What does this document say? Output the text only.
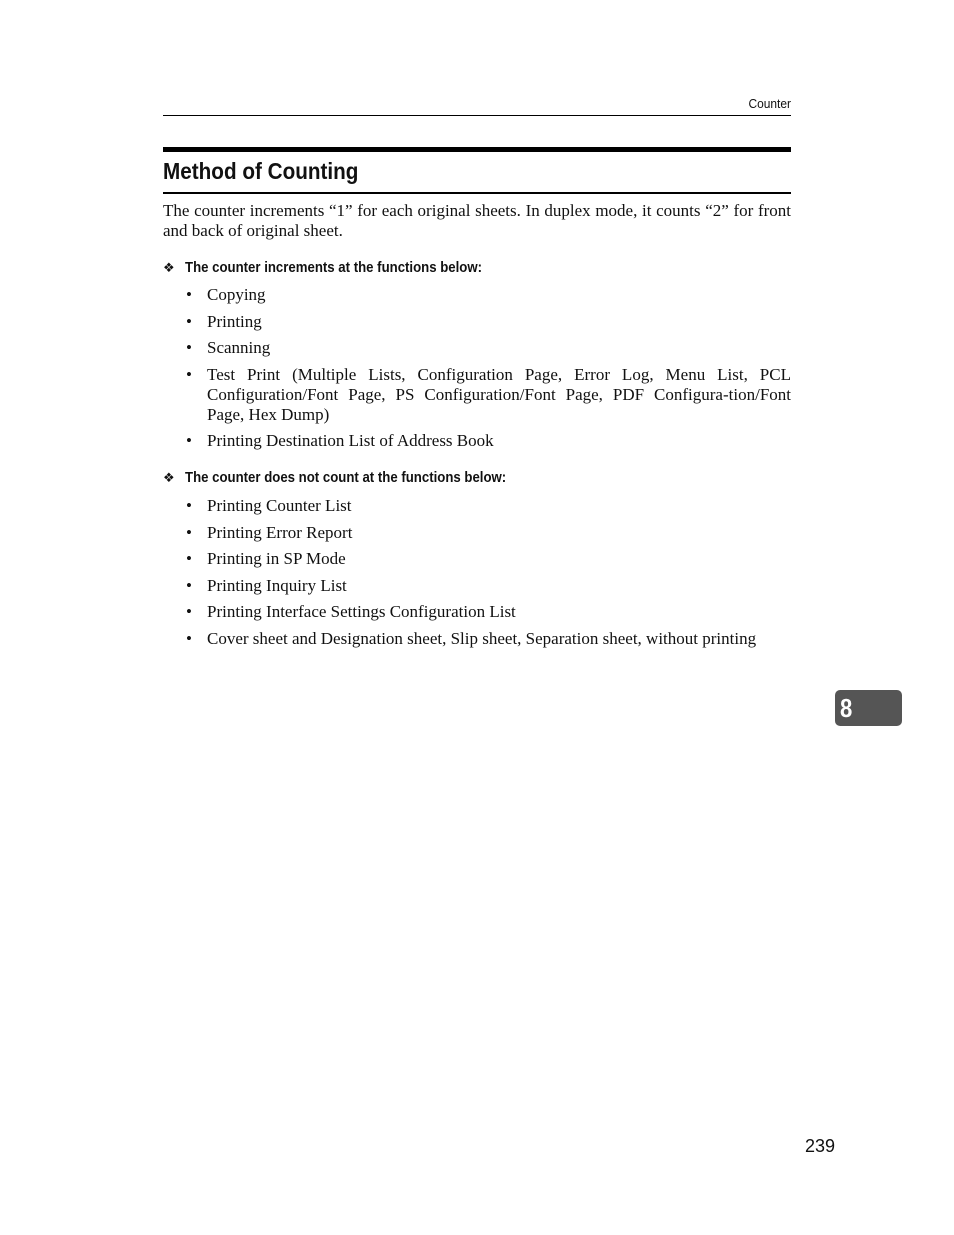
Counter
Method of Counting

The counter increments “1” for each original sheets. In duplex mode, it counts “2” for front and back of original sheet.

❖ The counter increments at the functions below:
• Copying
• Printing
• Scanning
• Test Print (Multiple Lists, Configuration Page, Error Log, Menu List, PCL Configuration/Font Page, PS Configuration/Font Page, PDF Configura-tion/Font Page, Hex Dump)
• Printing Destination List of Address Book
❖ The counter does not count at the functions below:
• Printing Counter List
• Printing Error Report
• Printing in SP Mode
• Printing Inquiry List
• Printing Interface Settings Configuration List
• Cover sheet and Designation sheet, Slip sheet, Separation sheet, without printing
8
239
